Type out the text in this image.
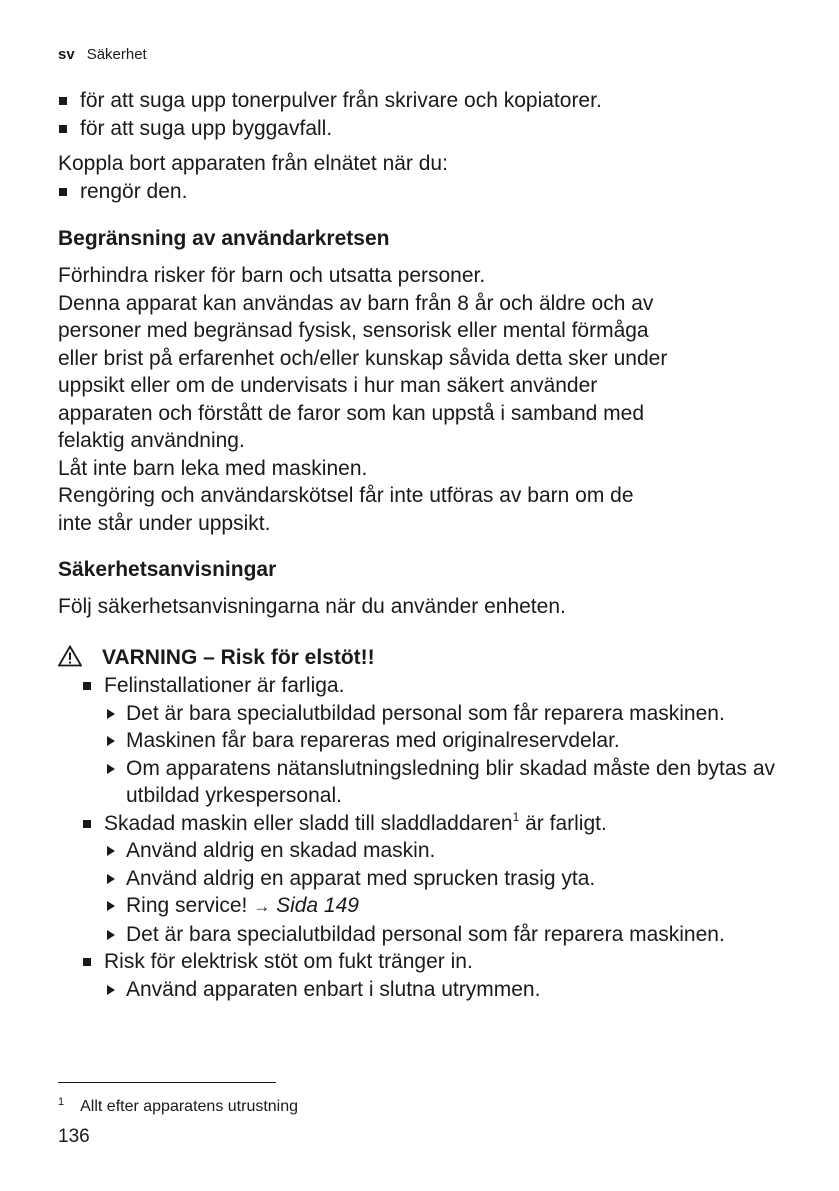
sv Säkerhet
för att suga upp tonerpulver från skrivare och kopiatorer.
för att suga upp byggavfall.

Koppla bort apparaten från elnätet när du:

rengör den.
Begränsning av användarkretsen
Förhindra risker för barn och utsatta personer.
Denna apparat kan användas av barn från 8 år och äldre och av
personer med begränsad fysisk, sensorisk eller mental förmåga
eller brist på erfarenhet och/eller kunskap såvida detta sker under
uppsikt eller om de undervisats i hur man säkert använder
apparaten och förstått de faror som kan uppstå i samband med
felaktig användning.
Låt inte barn leka med maskinen.
Rengöring och användarskötsel får inte utföras av barn om de
inte står under uppsikt.
Säkerhetsanvisningar

Följ säkerhetsanvisningarna när du använder enheten.

VARNING – Risk för elstöt!!
Felinstallationer är farliga.
Det är bara specialutbildad personal som får reparera maskinen.
Maskinen får bara repareras med originalreservdelar.
Om apparatens nätanslutningsledning blir skadad måste den bytas av utbildad yrkespersonal.
Skadad maskin eller sladd till sladdladdaren$^1$ är farligt.
Använd aldrig en skadad maskin.
Använd aldrig en apparat med sprucken trasig yta.
Ring service! → Sida 149
Det är bara specialutbildad personal som får reparera maskinen.
Risk för elektrisk stöt om fukt tränger in.
Använd apparaten enbart i slutna utrymmen.
$^1$ Allt efter apparatens utrustning
136
